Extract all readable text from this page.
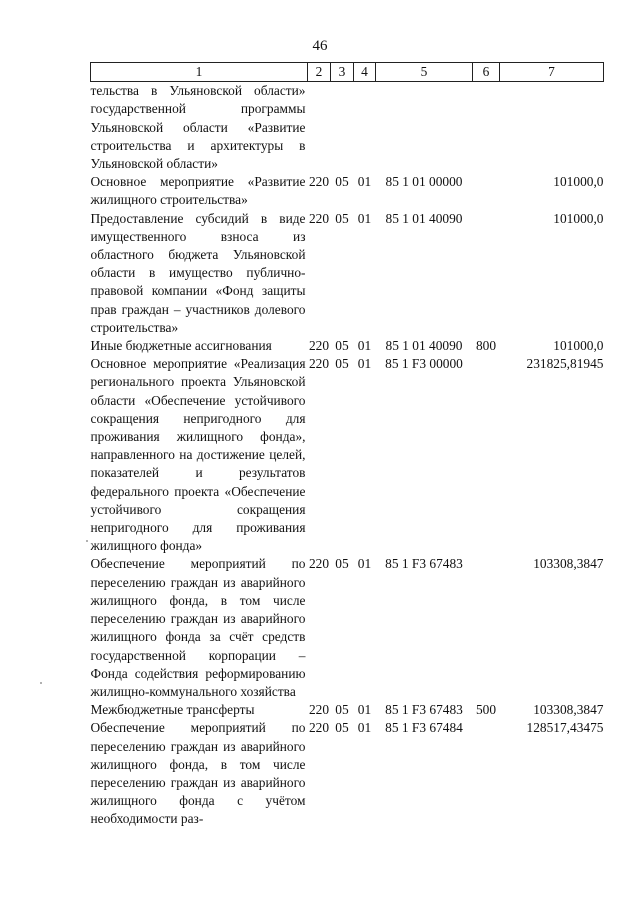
46
1	2	3	4	5	6	7
тельства в Ульяновской области» государственной программы Ульяновской области «Развитие строительства и архитектуры в Ульяновской области»						
Основное мероприятие «Развитие жилищного строительства»	220	05	01	85 1 01 00000		101000,0
Предоставление субсидий в виде имущественного взноса из областного бюджета Ульяновской области в имущество публично-правовой компании «Фонд защиты прав граждан – участников долевого строительства»	220	05	01	85 1 01 40090		101000,0
Иные бюджетные ассигнования	220	05	01	85 1 01 40090	800	101000,0
Основное мероприятие «Реализация регионального проекта Ульяновской области «Обеспечение устойчивого сокращения непригодного для проживания жилищного фонда», направленного на достижение целей, показателей и результатов федерального проекта «Обеспечение устойчивого сокращения непригодного для проживания жилищного фонда»	220	05	01	85 1 F3 00000		231825,81945
Обеспечение мероприятий по переселению граждан из аварийного жилищного фонда, в том числе переселению граждан из аварийного жилищного фонда за счёт средств государственной корпорации – Фонда содействия реформированию жилищно-коммунального хозяйства	220	05	01	85 1 F3 67483		103308,3847
Межбюджетные трансферты	220	05	01	85 1 F3 67483	500	103308,3847
Обеспечение мероприятий по переселению граждан из аварийного жилищного фонда, в том числе переселению граждан из аварийного жилищного фонда с учётом необходимости раз-	220	05	01	85 1 F3 67484		128517,43475
